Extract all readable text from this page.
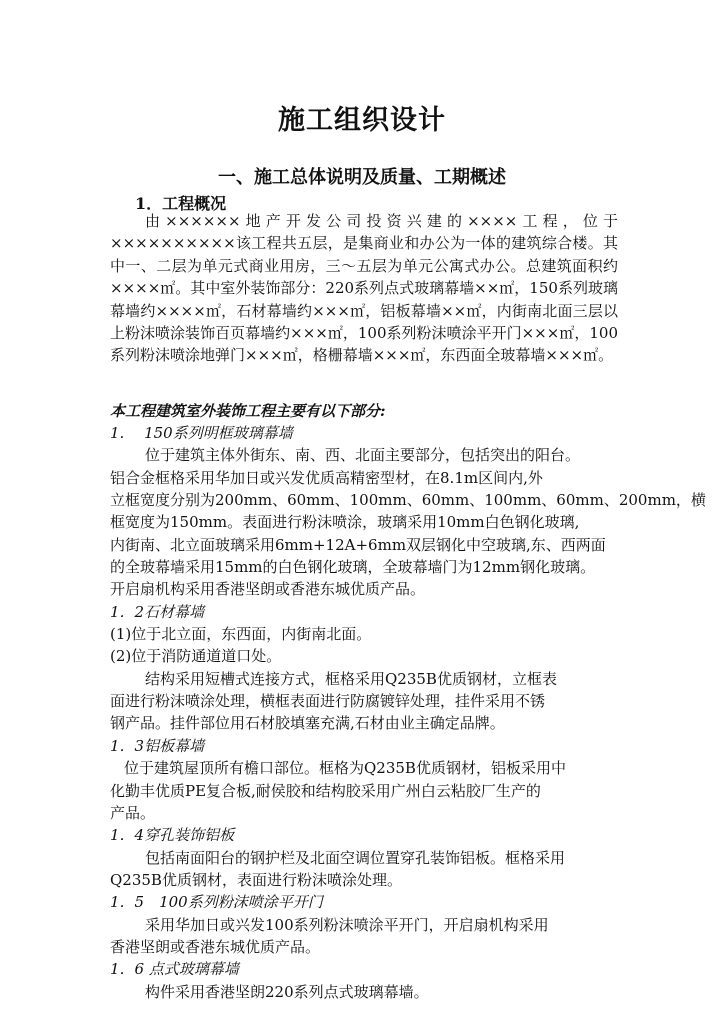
施工组织设计
一、施工总体说明及质量、工期概述
1．工程概况
由××××××地产开发公司投资兴建的××××工程，位于××××××××××该工程共五层，是集商业和办公为一体的建筑综合楼。其中一、二层为单元式商业用房，三～五层为单元公寓式办公。总建筑面积约××××㎡。其中室外装饰部分：220系列点式玻璃幕墙××㎡，150系列玻璃幕墙约××××㎡，石材幕墙约×××㎡，铝板幕墙××㎡，内街南北面三层以上粉沫喷涂装饰百页幕墙约×××㎡，100系列粉沫喷涂平开门×××㎡，100系列粉沫喷涂地弹门×××㎡，格栅幕墙×××㎡，东西面全玻幕墙×××㎡。
本工程建筑室外装饰工程主要有以下部分:
1.　 150系列明框玻璃幕墙
位于建筑主体外街东、南、西、北面主要部分，包括突出的阳台。
铝合金框格采用华加日或兴发优质高精密型材，在8.1m区间内,外
立框宽度分别为200mm、60mm、100mm、60mm、100mm、60mm、200mm，横
框宽度为150mm。表面进行粉沫喷涂，玻璃采用10mm白色钢化玻璃,
内街南、北立面玻璃采用6mm+12A+6mm双层钢化中空玻璃,东、西两面
的全玻幕墙采用15mm的白色钢化玻璃，全玻幕墙门为12mm钢化玻璃。
开启扇机构采用香港坚朗或香港东城优质产品。
1．2石材幕墙
(1)位于北立面，东西面，内街南北面。
(2)位于消防通道道口处。
结构采用短槽式连接方式，框格采用Q235B优质钢材，立框表
面进行粉沫喷涂处理，横框表面进行防腐镀锌处理，挂件采用不锈
钢产品。挂件部位用石材胶填塞充满,石材由业主确定品牌。
1．3铝板幕墙
位于建筑屋顶所有檐口部位。框格为Q235B优质钢材，铝板采用中
化勤丰优质PE复合板,耐侯胶和结构胶采用广州白云粘胶厂生产的
产品。
1．4穿孔装饰铝板
包括南面阳台的钢护栏及北面空调位置穿孔装饰铝板。框格采用
Q235B优质钢材，表面进行粉沫喷涂处理。
1．5　100系列粉沫喷涂平开门
采用华加日或兴发100系列粉沫喷涂平开门，开启扇机构采用
香港坚朗或香港东城优质产品。
1．6 点式玻璃幕墙
构件采用香港坚朗220系列点式玻璃幕墙。
